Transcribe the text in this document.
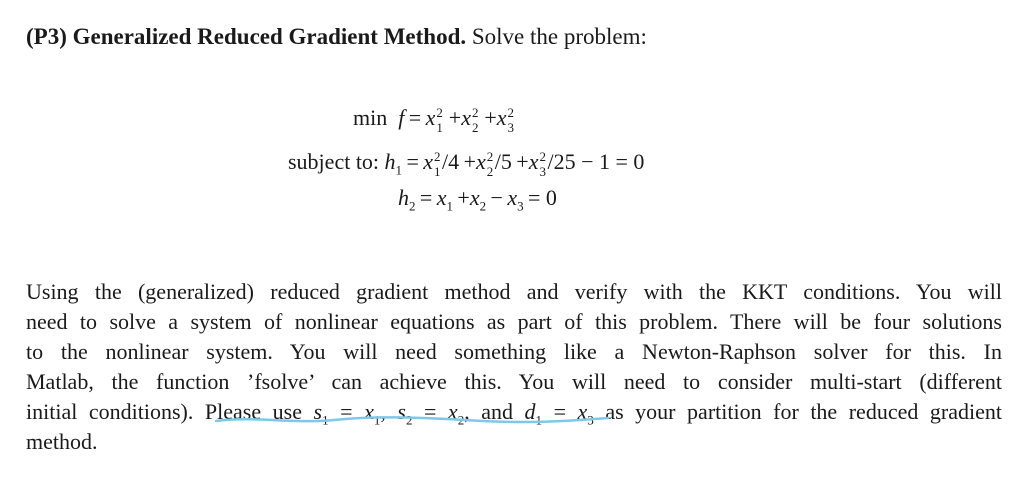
(P3) Generalized Reduced Gradient Method. Solve the problem:
min  f = x 2
1
  +x 2
2
  +x 2
3
subject to: $h_1 = x$ 2
1 /4  +x 2
2 /5  +x 2
3 /25 − 1 = 0
$h_2 = x_1 +x_2 - x_3 = 0$
Using the (generalized) reduced gradient method and verify with the KKT conditions. You will
need to solve a system of nonlinear equations as part of this problem. There will be four solutions
to the nonlinear system. You will need something like a Newton-Raphson solver for this. In
Matlab, the function ’fsolve’ can achieve this. You will need to consider multi-start (different
initial conditions). Please use $s_1 = x_1$, $s_2 = x_2$, and $d_1 = x_3$ as your partition for the reduced gradient
method.
